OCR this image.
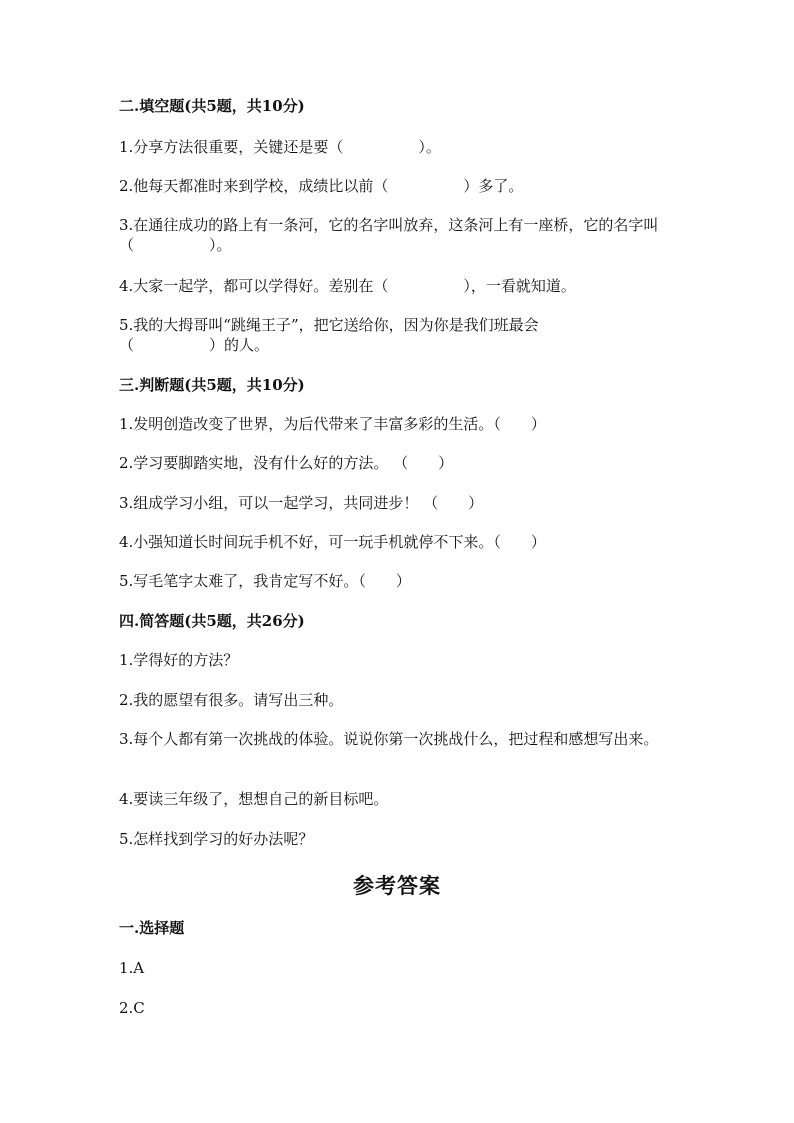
二.填空题(共5题，共10分)
1.分享方法很重要，关键还是要（　　　　　）。
2.他每天都准时来到学校，成绩比以前（　　　　　）多了。
3.在通往成功的路上有一条河，它的名字叫放弃，这条河上有一座桥，它的名字叫（　　　　　）。
4.大家一起学，都可以学得好。差别在（　　　　　），一看就知道。
5.我的大拇哥叫“跳绳王子”，把它送给你，因为你是我们班最会（　　　　　）的人。
三.判断题(共5题，共10分)
1.发明创造改变了世界，为后代带来了丰富多彩的生活。（　　）
2.学习要脚踏实地，没有什么好的方法。 （　　）
3.组成学习小组，可以一起学习，共同进步！ （　　）
4.小强知道长时间玩手机不好，可一玩手机就停不下来。（　　）
5.写毛笔字太难了，我肯定写不好。（　　）
四.简答题(共5题，共26分)
1.学得好的方法？
2.我的愿望有很多。请写出三种。
3.每个人都有第一次挑战的体验。说说你第一次挑战什么，把过程和感想写出来。
4.要读三年级了，想想自己的新目标吧。
5.怎样找到学习的好办法呢？
参考答案
一.选择题
1.A
2.C
